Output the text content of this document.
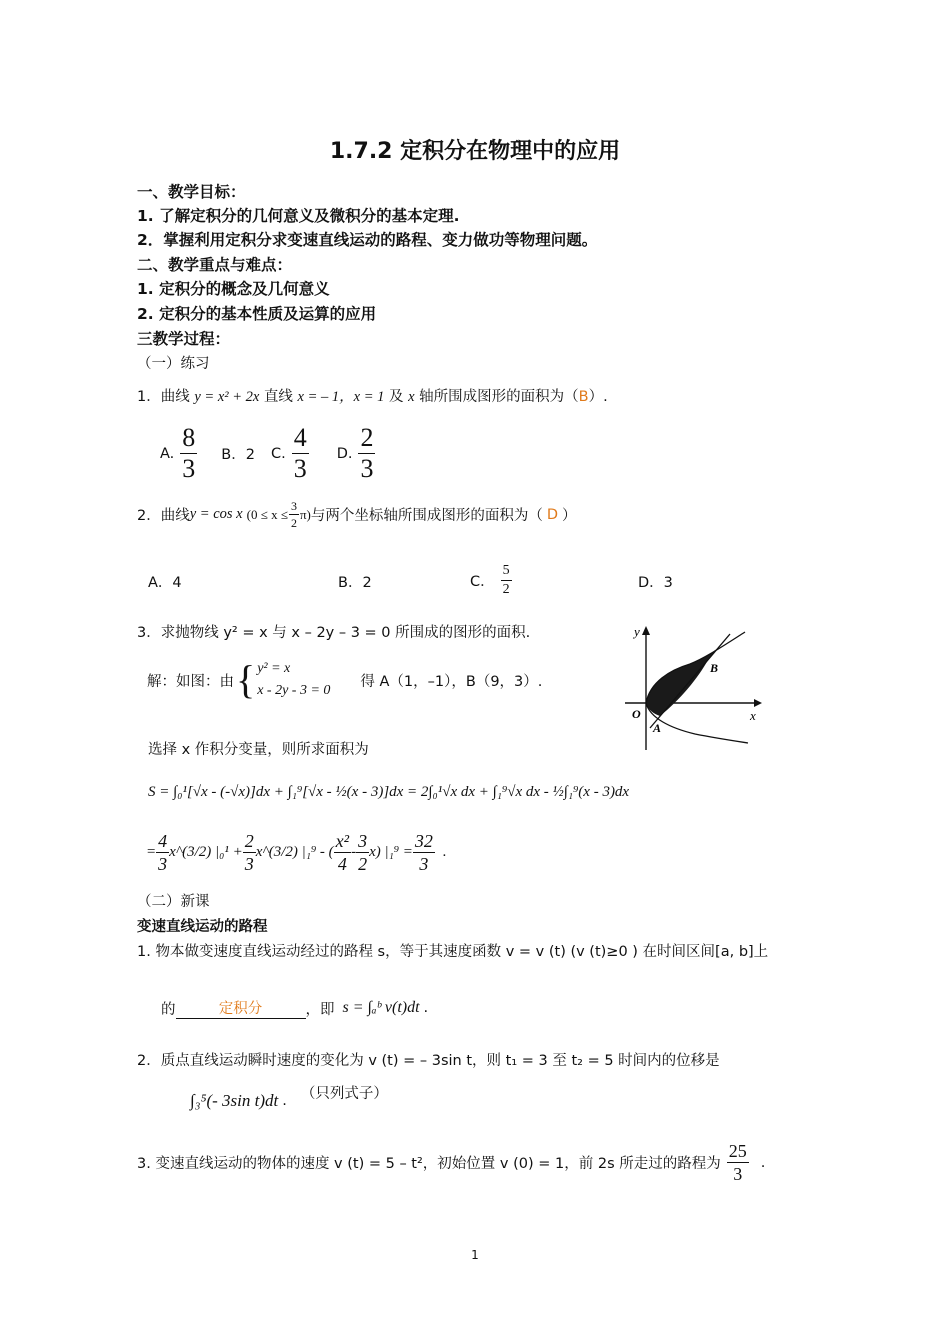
1.7.2 定积分在物理中的应用
一、教学目标：
1. 了解定积分的几何意义及微积分的基本定理.
2．掌握利用定积分求变速直线运动的路程、变力做功等物理问题。
二、教学重点与难点：
1. 定积分的概念及几何意义
2. 定积分的基本性质及运算的应用
三教学过程：
（一）练习
1．曲线 y = x² + 2x 直线 x = – 1，x = 1 及 x 轴所围成图形的面积为（B）.
A. $\frac{8}{3}$ B．2 C. $\frac{4}{3} D$. $\frac{2}{3}$
2．曲线 y = cos x $(0 \le x \le \frac{3}{2} \pi)$ 与两个坐标轴所围成图形的面积为（ D ）
A．4	B．2	C． $\frac{5}{2}$	D．3
3．求抛物线 y² = x 与 x – 2y – 3 = 0 所围成的图形的面积.
解：如图：由 { y² = x
x - 2y - 3 = 0
得 A（1，–1），B（9，3）.
y
x
O
A
B
选择 x 作积分变量，则所求面积为
S = ∫₀¹[√x - (-√x)]dx + ∫₁⁹[√x - ½(x - 3)]dx = 2∫₀¹√x dx + ∫₁⁹√x dx - ½∫₁⁹(x - 3)dx
= $\frac{4}{3}$ x^(3/2) $|_0^1 + \frac{2}{3}$ x^(3/2) |₁⁹ - ( $\frac{\text{x²}}{4} - \frac{3}{2} x$) $|_1^9 = \frac{32}{3}$ .
（二）新课
变速直线运动的路程
1. 物本做变速度直线运动经过的路程 s，等于其速度函数 v = v (t) (v (t)≥0 ) 在时间区间[a, b]上
的	定积分	，即 s = ∫ₐᵇ v(t)dt .
2．质点直线运动瞬时速度的变化为 v (t) = – 3sin t，则 t₁ = 3 至 t₂ = 5 时间内的位移是
∫₃⁵(- 3sin t)dt . （只列式子）
3. 变速直线运动的物体的速度 v (t) = 5 – t²，初始位置 v (0) = 1，前 2s 所走过的路程为 $\frac{25}{3}$ .
1
